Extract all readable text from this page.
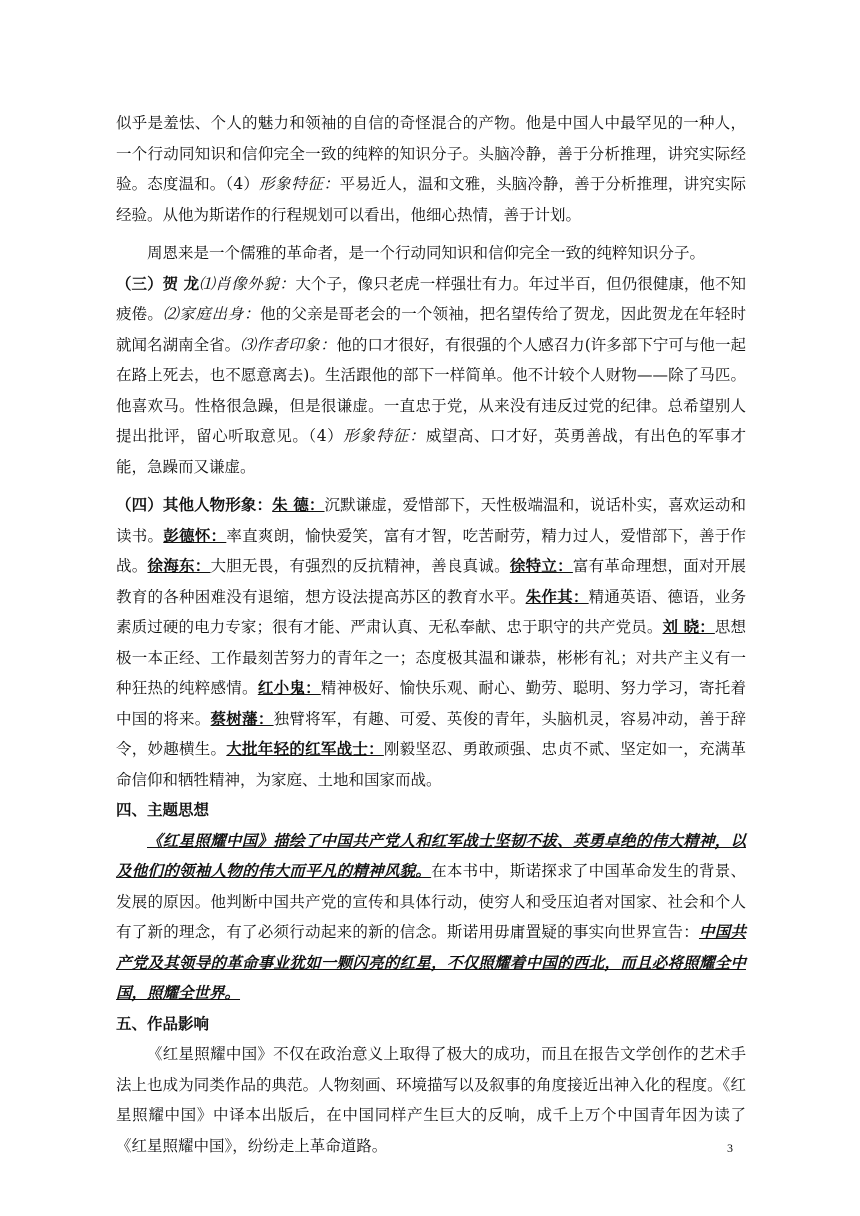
似乎是羞怯、个人的魅力和领袖的自信的奇怪混合的产物。他是中国人中最罕见的一种人，一个行动同知识和信仰完全一致的纯粹的知识分子。头脑冷静，善于分析推理，讲究实际经验。态度温和。（4）形象特征：平易近人，温和文雅，头脑冷静，善于分析推理，讲究实际经验。从他为斯诺作的行程规划可以看出，他细心热情，善于计划。

周恩来是一个儒雅的革命者，是一个行动同知识和信仰完全一致的纯粹知识分子。

（三）贺 龙⑴肖像外貌：大个子，像只老虎一样强壮有力。年过半百，但仍很健康，他不知疲倦。⑵家庭出身：他的父亲是哥老会的一个领袖，把名望传给了贺龙，因此贺龙在年轻时就闻名湖南全省。⑶作者印象：他的口才很好，有很强的个人感召力(许多部下宁可与他一起在路上死去，也不愿意离去)。生活跟他的部下一样简单。他不计较个人财物——除了马匹。他喜欢马。性格很急躁，但是很谦虚。一直忠于党，从来没有违反过党的纪律。总希望别人提出批评，留心听取意见。（4）形象特征：威望高、口才好，英勇善战，有出色的军事才能，急躁而又谦虚。

（四）其他人物形象：朱 德：沉默谦虚，爱惜部下，天性极端温和，说话朴实，喜欢运动和读书。彭德怀：率直爽朗，愉快爱笑，富有才智，吃苦耐劳，精力过人，爱惜部下，善于作战。徐海东：大胆无畏，有强烈的反抗精神，善良真诚。徐特立：富有革命理想，面对开展教育的各种困难没有退缩，想方设法提高苏区的教育水平。朱作其：精通英语、德语，业务素质过硬的电力专家；很有才能、严肃认真、无私奉献、忠于职守的共产党员。刘 晓：思想极一本正经、工作最刻苦努力的青年之一；态度极其温和谦恭，彬彬有礼；对共产主义有一种狂热的纯粹感情。红小鬼：精神极好、愉快乐观、耐心、勤劳、聪明、努力学习，寄托着中国的将来。蔡树藩：独臂将军，有趣、可爱、英俊的青年，头脑机灵，容易冲动，善于辞令，妙趣横生。大批年轻的红军战士：刚毅坚忍、勇敢顽强、忠贞不贰、坚定如一，充满革命信仰和牺牲精神，为家庭、土地和国家而战。

四、主题思想

《红星照耀中国》描绘了中国共产党人和红军战士坚韧不拔、英勇卓绝的伟大精神，以及他们的领袖人物的伟大而平凡的精神风貌。在本书中，斯诺探求了中国革命发生的背景、发展的原因。他判断中国共产党的宣传和具体行动，使穷人和受压迫者对国家、社会和个人有了新的理念，有了必须行动起来的新的信念。斯诺用毋庸置疑的事实向世界宣告：中国共产党及其领导的革命事业犹如一颗闪亮的红星，不仅照耀着中国的西北，而且必将照耀全中国，照耀全世界。

五、作品影响

《红星照耀中国》不仅在政治意义上取得了极大的成功，而且在报告文学创作的艺术手法上也成为同类作品的典范。人物刻画、环境描写以及叙事的角度接近出神入化的程度。《红星照耀中国》中译本出版后，在中国同样产生巨大的反响，成千上万个中国青年因为读了《红星照耀中国》，纷纷走上革命道路。	3
